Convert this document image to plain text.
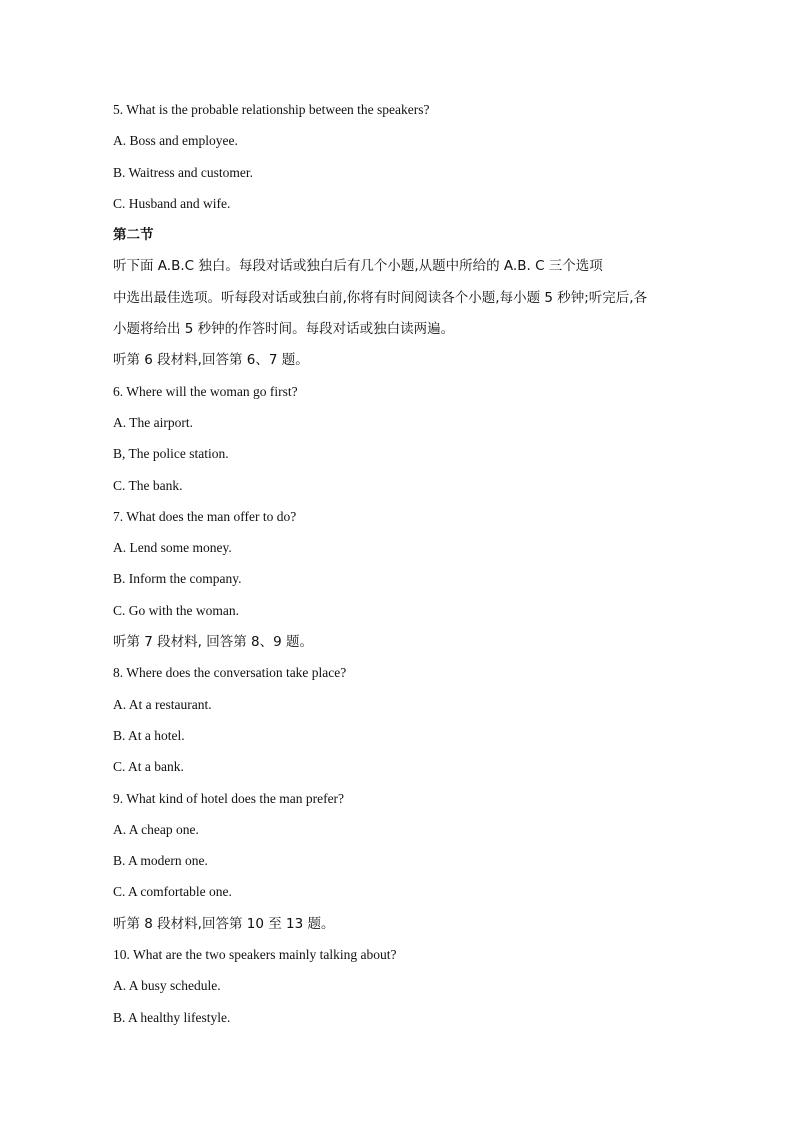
5. What is the probable relationship between the speakers?
A. Boss and employee.
B. Waitress and customer.
C. Husband and wife.
第二节
听下面 A.B.C 独白。每段对话或独白后有几个小题,从题中所给的 A.B. C 三个选项
中选出最佳选项。听每段对话或独白前,你将有时间阅读各个小题,每小题 5 秒钟;听完后,各
小题将给出 5 秒钟的作答时间。每段对话或独白读两遍。
听第 6 段材料,回答第 6、7 题。
6. Where will the woman go first?
A. The airport.
B, The police station.
C. The bank.
7. What does the man offer to do?
A. Lend some money.
B. Inform the company.
C. Go with the woman.
听第 7 段材料, 回答第 8、9 题。
8. Where does the conversation take place?
A. At a restaurant.
B. At a hotel.
C. At a bank.
9. What kind of hotel does the man prefer?
A. A cheap one.
B. A modern one.
C. A comfortable one.
听第 8 段材料,回答第 10 至 13 题。
10. What are the two speakers mainly talking about?
A. A busy schedule.
B. A healthy lifestyle.
